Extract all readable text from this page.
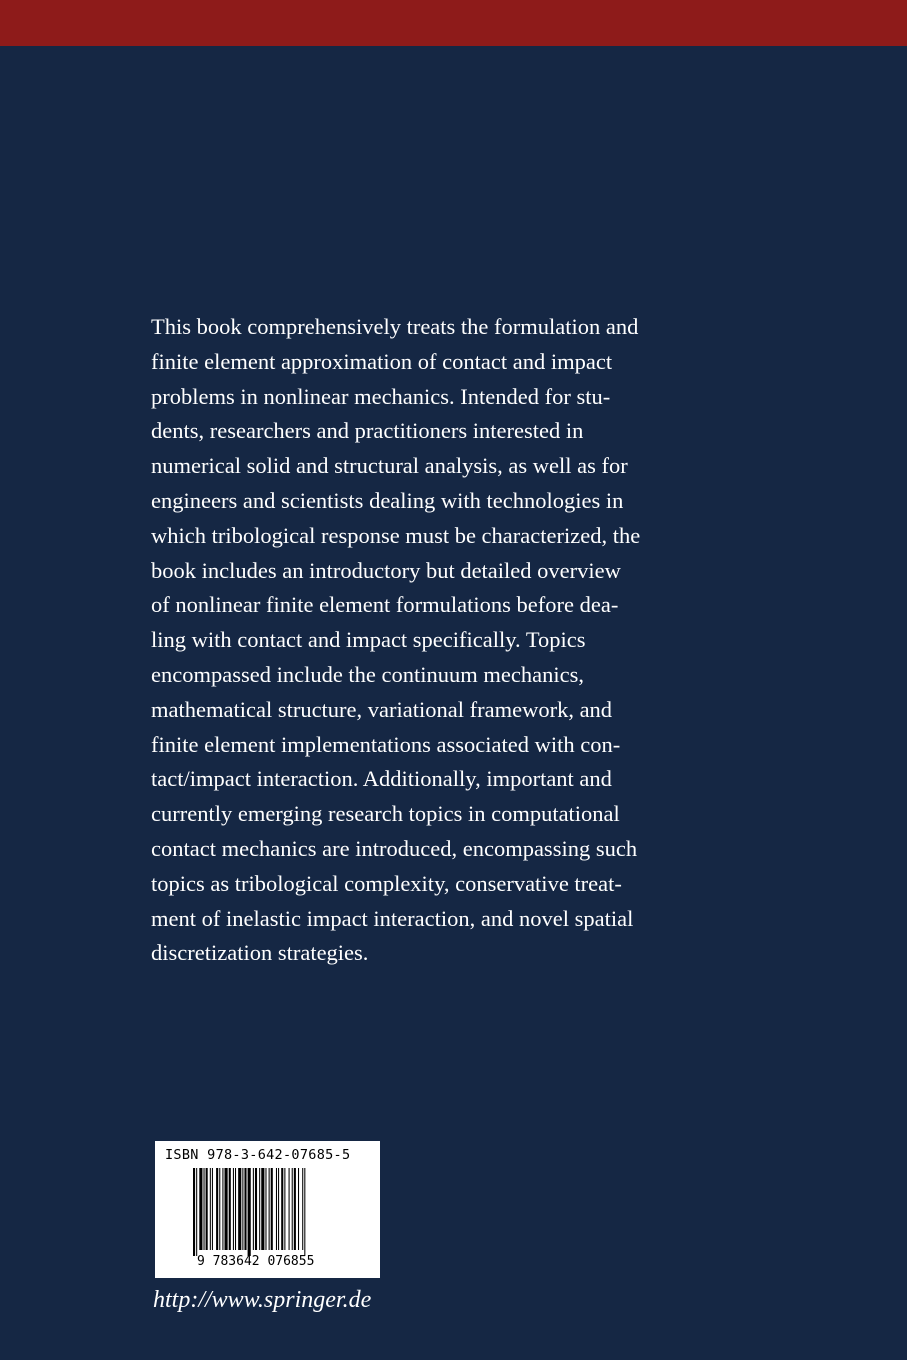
This book comprehensively treats the formulation and
finite element approximation of contact and impact
problems in nonlinear mechanics. Intended for stu-
dents, researchers and practitioners interested in
numerical solid and structural analysis, as well as for
engineers and scientists dealing with technologies in
which tribological response must be characterized, the
book includes an introductory but detailed overview
of nonlinear finite element formulations before dea-
ling with contact and impact specifically. Topics
encompassed include the continuum mechanics,
mathematical structure, variational framework, and
finite element implementations associated with con-
tact/impact interaction. Additionally, important and
currently emerging research topics in computational
contact mechanics are introduced, encompassing such
topics as tribological complexity, conservative treat-
ment of inelastic impact interaction, and novel spatial
discretization strategies.
ISBN 978-3-642-07685-5
9 783642 076855
http://www.springer.de
